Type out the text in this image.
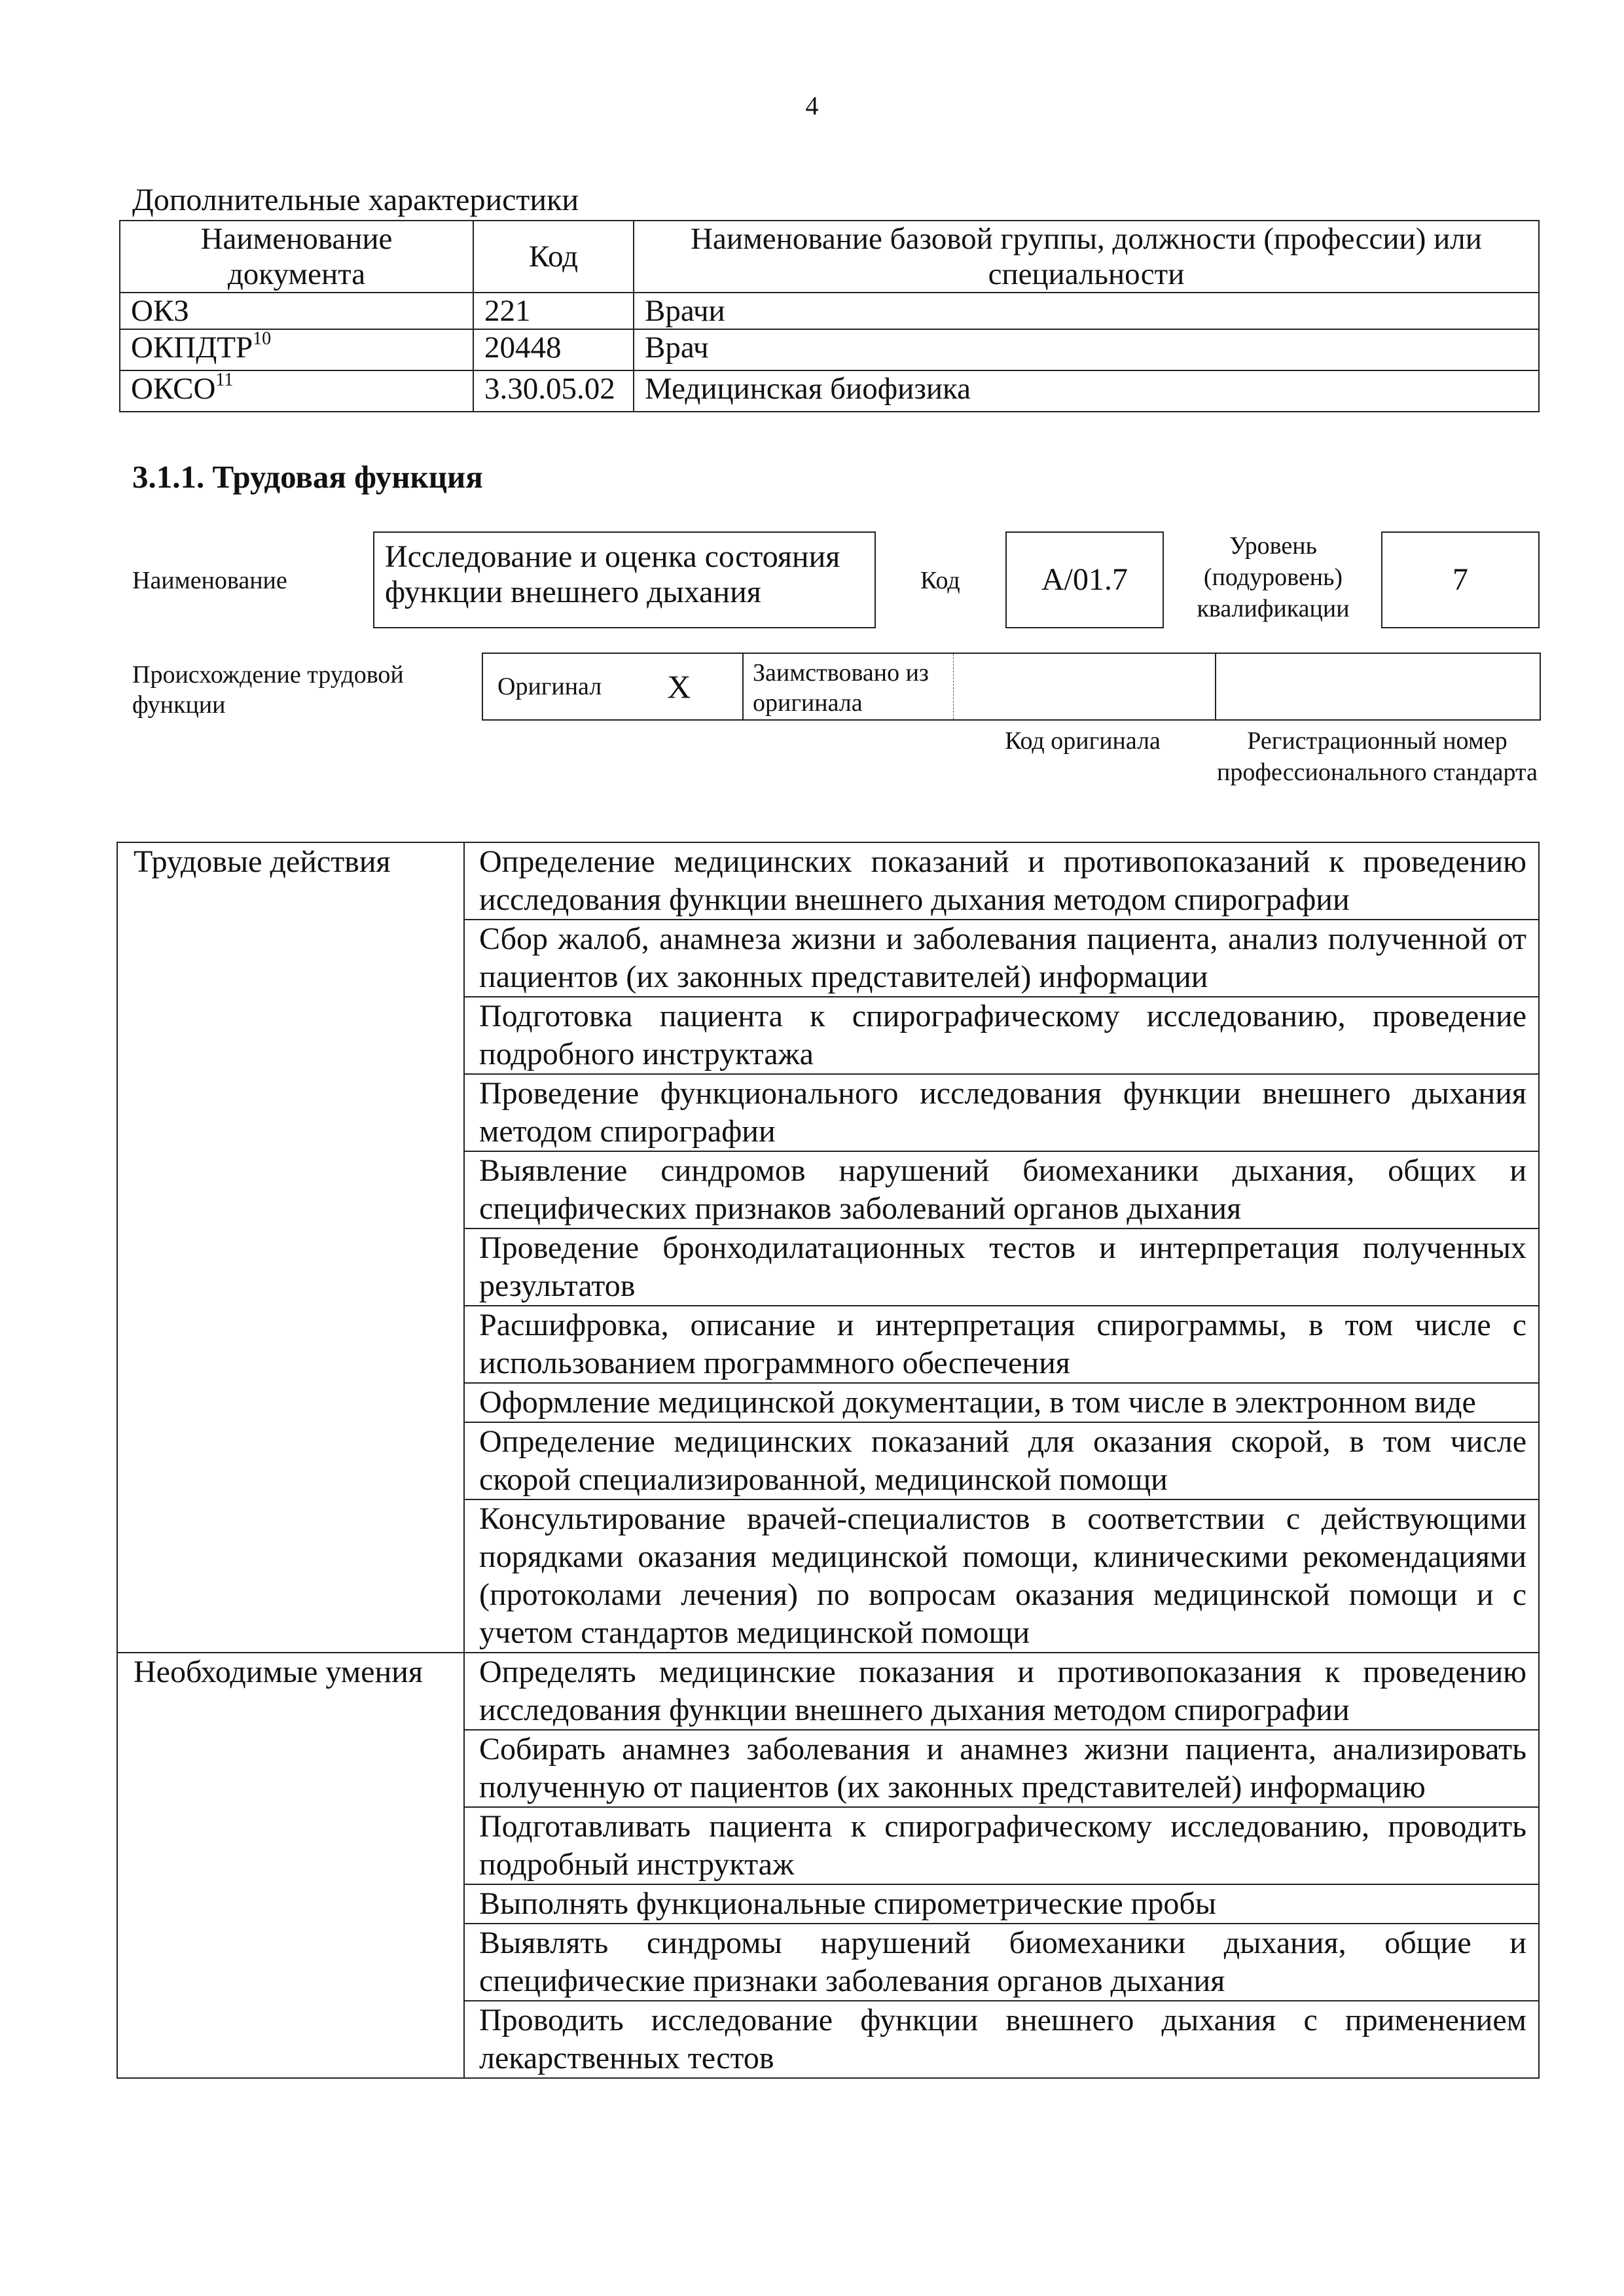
4
Дополнительные характеристики
Наименование документа	Код	Наименование базовой группы, должности (профессии) или специальности
ОКЗ	221	Врачи
ОКПДТР$^{10}$	20448	Врач
ОКСО$^{11}$	3.30.05.02	Медицинская биофизика
3.1.1. Трудовая функция
Наименование
Исследование и оценка состояния функции внешнего дыхания	Код	A/01.7
Уровень (подуровень) квалификации
7
Происхождение трудовой функции
Оригинал X	Заимствовано из оригинала
Код оригинала	Регистрационный номер профессионального стандарта
Трудовые действия	Определение медицинских показаний и противопоказаний к проведению исследования функции внешнего дыхания методом спирографии
	Сбор жалоб, анамнеза жизни и заболевания пациента, анализ полученной от пациентов (их законных представителей) информации
	Подготовка пациента к спирографическому исследованию, проведение подробного инструктажа
	Проведение функционального исследования функции внешнего дыхания методом спирографии
	Выявление синдромов нарушений биомеханики дыхания, общих и специфических признаков заболеваний органов дыхания
	Проведение бронходилатационных тестов и интерпретация полученных результатов
	Расшифровка, описание и интерпретация спирограммы, в том числе с использованием программного обеспечения
	Оформление медицинской документации, в том числе в электронном виде
	Определение медицинских показаний для оказания скорой, в том числе скорой специализированной, медицинской помощи
	Консультирование врачей-специалистов в соответствии с действующими порядками оказания медицинской помощи, клиническими рекомендациями (протоколами лечения) по вопросам оказания медицинской помощи и с учетом стандартов медицинской помощи
Необходимые умения	Определять медицинские показания и противопоказания к проведению исследования функции внешнего дыхания методом спирографии
	Собирать анамнез заболевания и анамнез жизни пациента, анализировать полученную от пациентов (их законных представителей) информацию
	Подготавливать пациента к спирографическому исследованию, проводить подробный инструктаж
	Выполнять функциональные спирометрические пробы
	Выявлять синдромы нарушений биомеханики дыхания, общие и специфические признаки заболевания органов дыхания
	Проводить исследование функции внешнего дыхания с применением лекарственных тестов
